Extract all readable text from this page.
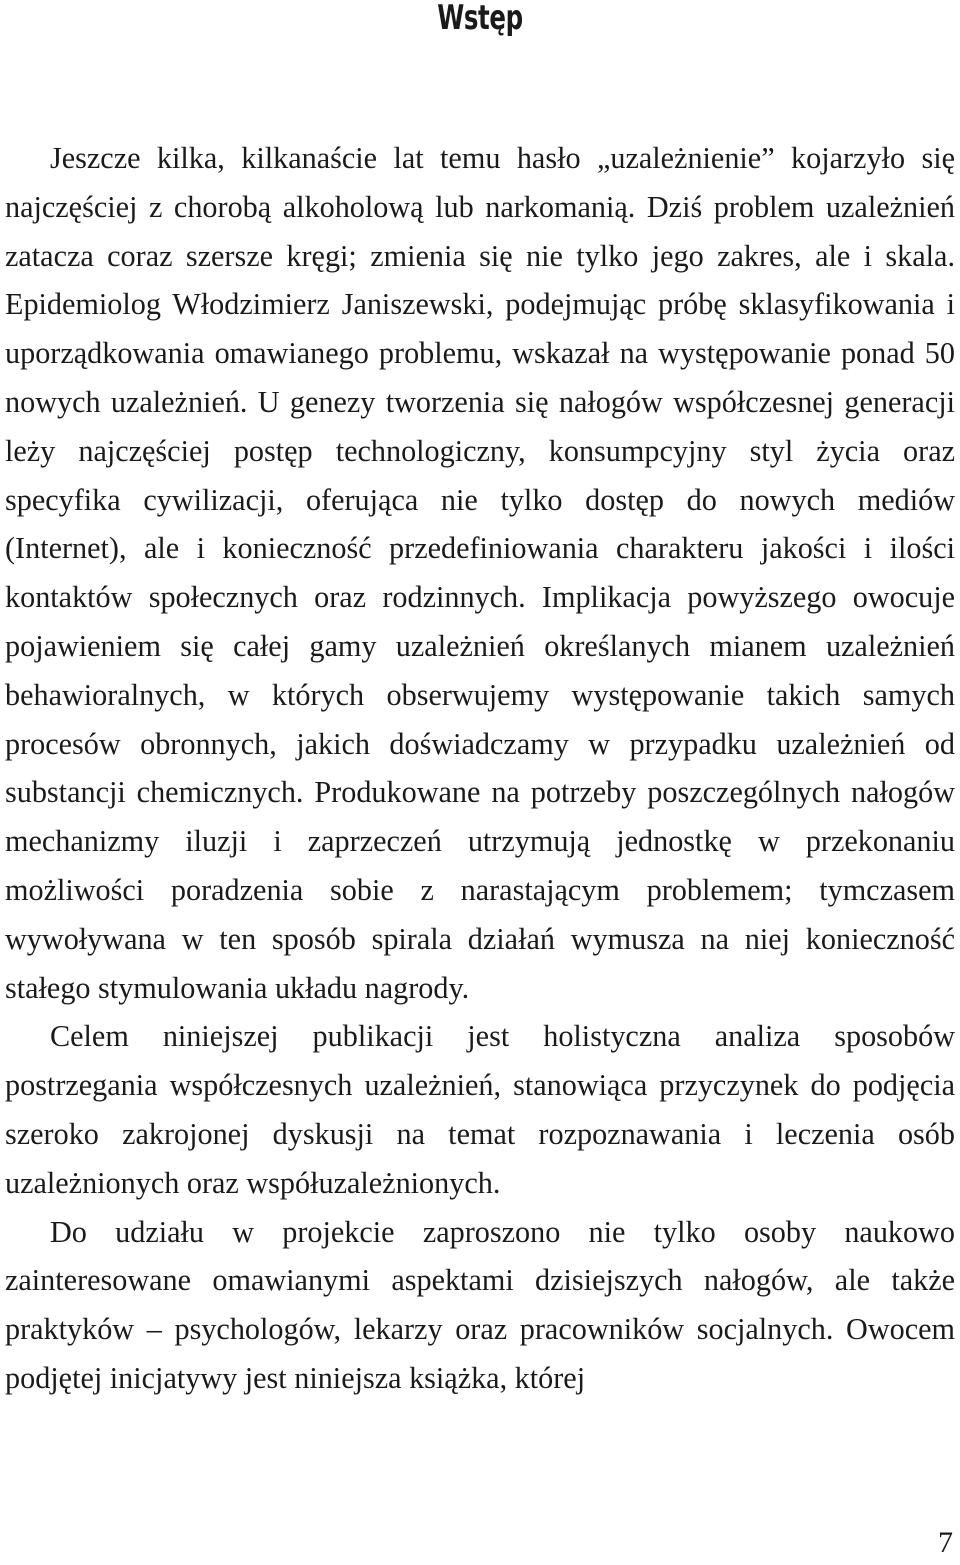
Wstęp

Jeszcze kilka, kilkanaście lat temu hasło „uzależnienie” kojarzyło się najczęściej z chorobą alkoholową lub narkomanią. Dziś problem uzależnień zatacza coraz szersze kręgi; zmienia się nie tylko jego zakres, ale i skala. Epidemiolog Włodzimierz Janiszewski, podejmując próbę sklasyfikowania i uporządkowania omawianego problemu, wskazał na występowanie ponad 50 nowych uzależnień. U genezy tworzenia się nałogów współczesnej generacji leży najczęściej postęp technologiczny, konsumpcyjny styl życia oraz specyfika cywilizacji, oferująca nie tylko dostęp do nowych mediów (Internet), ale i konieczność przedefiniowania charakteru jakości i ilości kontaktów społecznych oraz rodzinnych. Implikacja powyższego owocuje pojawieniem się całej gamy uzależnień określanych mianem uzależnień behawioralnych, w których obserwujemy występowanie takich samych procesów obronnych, jakich doświadczamy w przypadku uzależnień od substancji chemicznych. Produkowane na potrzeby poszczególnych nałogów mechanizmy iluzji i zaprzeczeń utrzymują jednostkę w przekonaniu możliwości poradzenia sobie z narastającym problemem; tymczasem wywoływana w ten sposób spirala działań wymusza na niej konieczność stałego stymulowania układu nagrody.

Celem niniejszej publikacji jest holistyczna analiza sposobów postrzegania współczesnych uzależnień, stanowiąca przyczynek do podjęcia szeroko zakrojonej dyskusji na temat rozpoznawania i leczenia osób uzależnionych oraz współuzależnionych.

Do udziału w projekcie zaproszono nie tylko osoby naukowo zainteresowane omawianymi aspektami dzisiejszych nałogów, ale także praktyków – psychologów, lekarzy oraz pracowników socjalnych. Owocem podjętej inicjatywy jest niniejsza książka, której

7
